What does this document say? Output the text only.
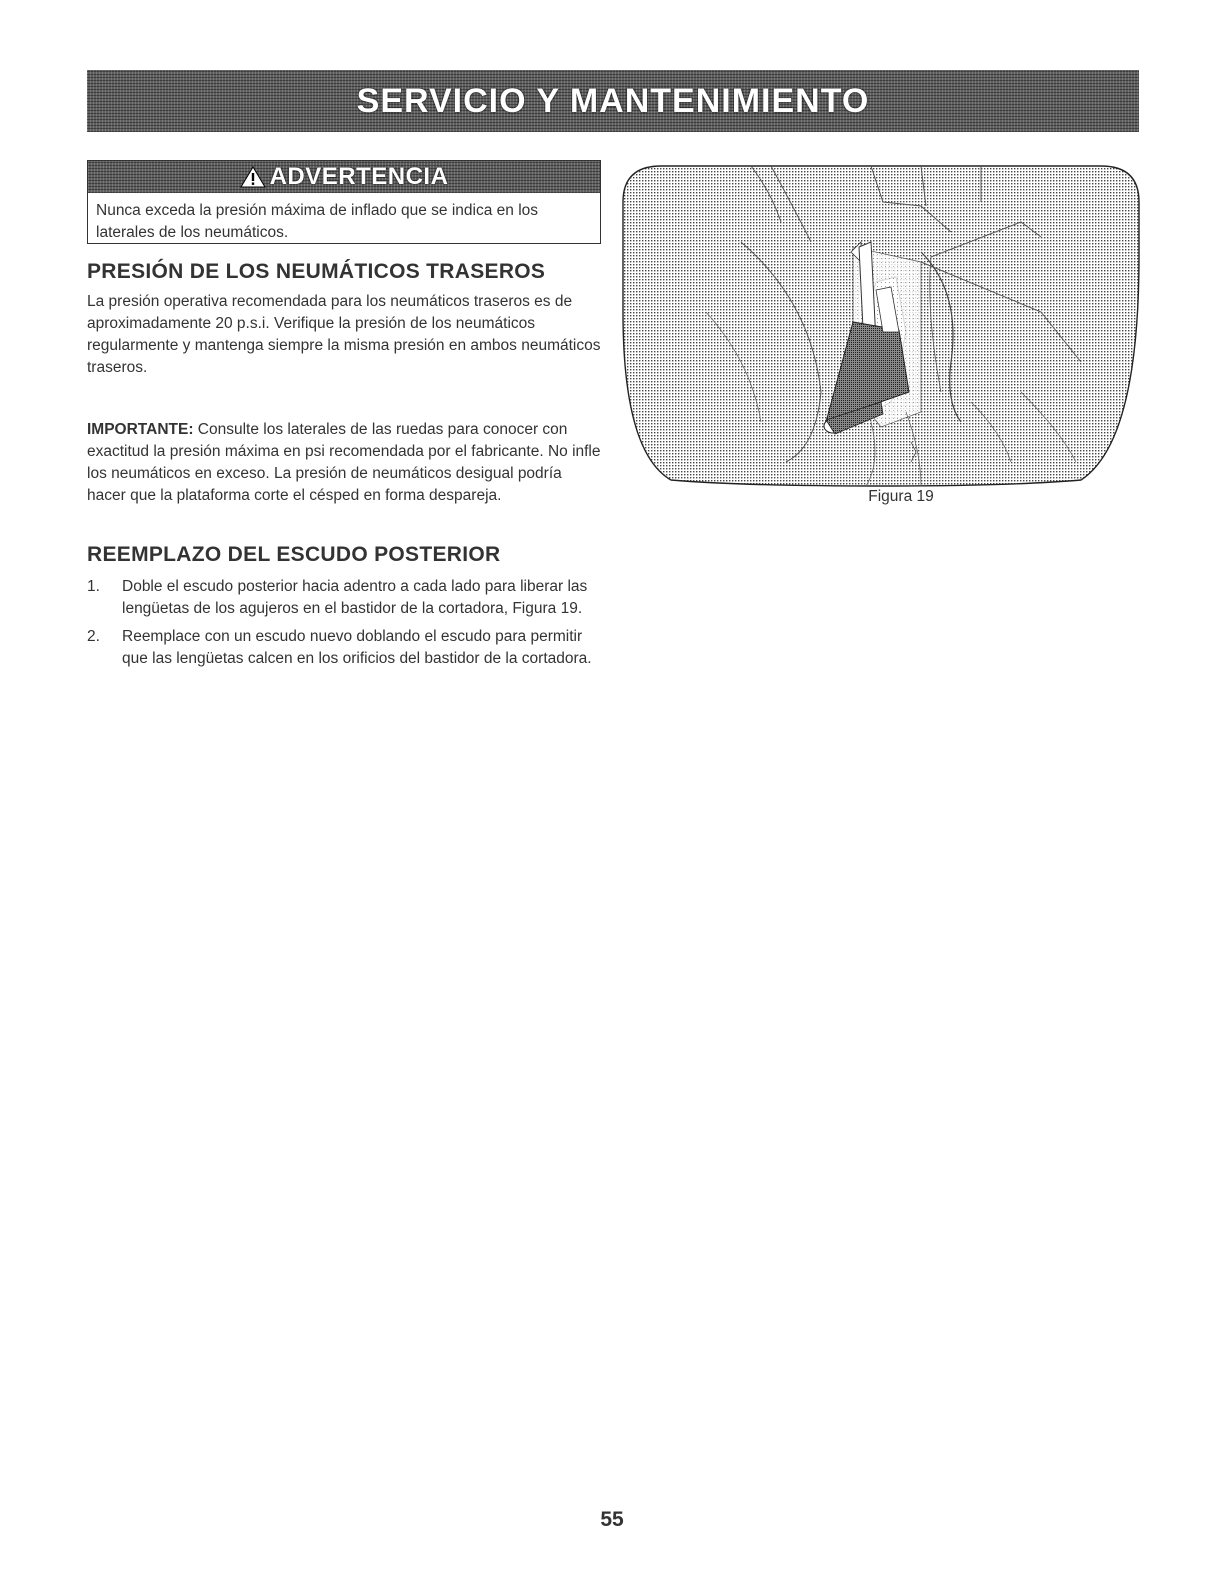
SERVICIO Y MANTENIMIENTO
ADVERTENCIA

Nunca exceda la presión máxima de inflado que se indica en los laterales de los neumáticos.

PRESIÓN DE LOS NEUMÁTICOS TRASEROS

La presión operativa recomendada para los neumáticos traseros es de aproximadamente 20 p.s.i. Verifique la presión de los neumáticos regularmente y mantenga siempre la misma presión en ambos neumáticos traseros.

IMPORTANTE: Consulte los laterales de las ruedas para conocer con exactitud la presión máxima en psi recomendada por el fabricante. No infle los neumáticos en exceso. La presión de neumáticos desigual podría hacer que la plataforma corte el césped en forma despareja.

REEMPLAZO DEL ESCUDO POSTERIOR
1. Doble el escudo posterior hacia adentro a cada lado para liberar las lengüetas de los agujeros en el bastidor de la cortadora, Figura 19.
2. Reemplace con un escudo nuevo doblando el escudo para permitir que las lengüetas calcen en los orificios del bastidor de la cortadora.
Figura 19
55
